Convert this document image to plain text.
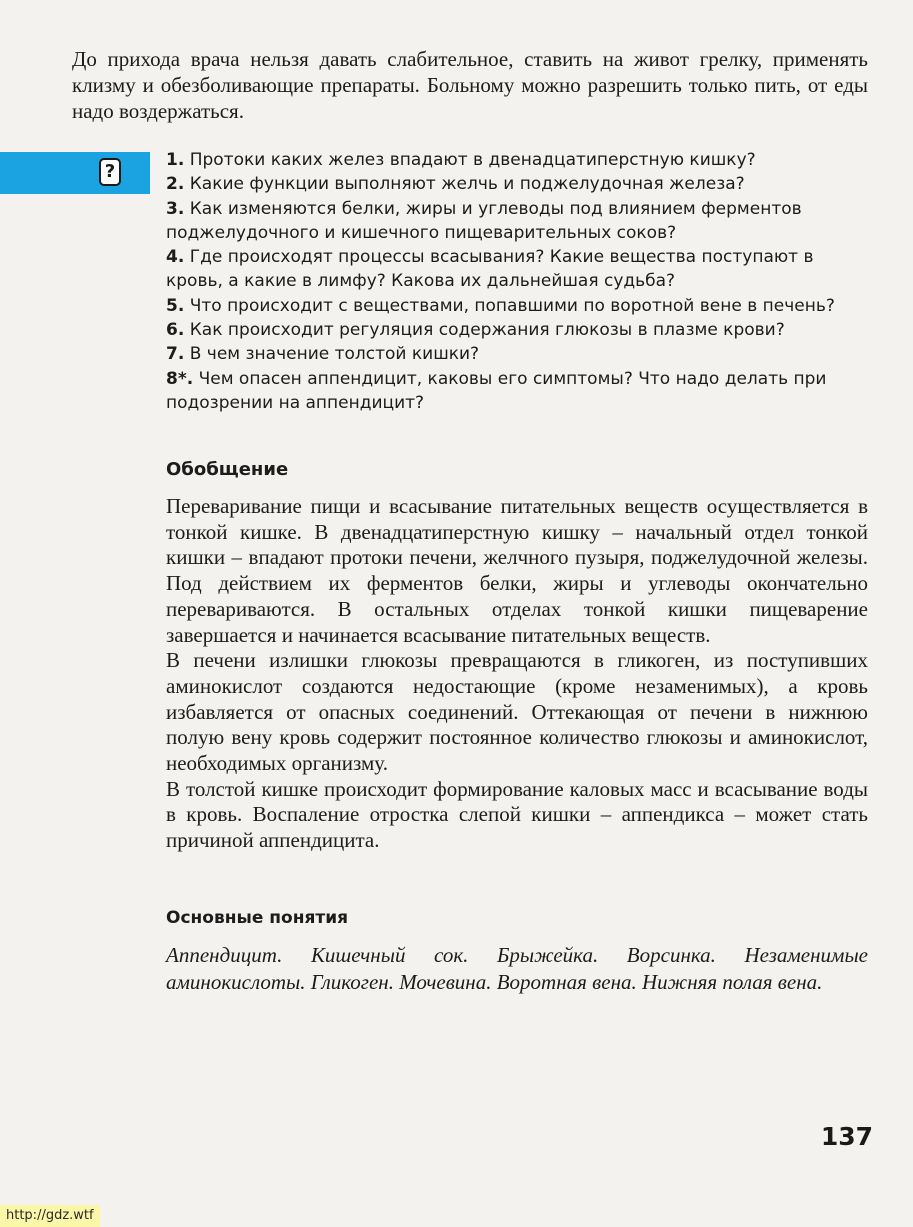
До прихода врача нельзя давать слабительное, ставить на живот грелку, применять клизму и обезболивающие препараты. Больному можно разрешить только пить, от еды надо воздержаться.

?
1. Протоки каких желез впадают в двенадцатиперстную кишку?
2. Какие функции выполняют желчь и поджелудочная железа?
3. Как изменяются белки, жиры и углеводы под влиянием ферментов поджелудочного и кишечного пищеварительных соков?
4. Где происходят процессы всасывания? Какие вещества поступают в кровь, а какие в лимфу? Какова их дальнейшая судьба?
5. Что происходит с веществами, попавшими по воротной вене в печень?
6. Как происходит регуляция содержания глюкозы в плазме крови?
7. В чем значение толстой кишки?
8*. Чем опасен аппендицит, каковы его симптомы? Что надо делать при подозрении на аппендицит?
Обобщение

Переваривание пищи и всасывание питательных веществ осуществляется в тонкой кишке. В двенадцатиперстную кишку – начальный отдел тонкой кишки – впадают протоки печени, желчного пузыря, поджелудочной железы. Под действием их ферментов белки, жиры и углеводы окончательно перевариваются. В остальных отделах тонкой кишки пищеварение завершается и начинается всасывание питательных веществ.

В печени излишки глюкозы превращаются в гликоген, из поступивших аминокислот создаются недостающие (кроме незаменимых), а кровь избавляется от опасных соединений. Оттекающая от печени в нижнюю полую вену кровь содержит постоянное количество глюкозы и аминокислот, необходимых организму.

В толстой кишке происходит формирование каловых масс и всасывание воды в кровь. Воспаление отростка слепой кишки – аппендикса – может стать причиной аппендицита.

Основные понятия

Аппендицит. Кишечный сок. Брыжейка. Ворсинка. Незаменимые аминокислоты. Гликоген. Мочевина. Воротная вена. Нижняя полая вена.

137
http://gdz.wtf
